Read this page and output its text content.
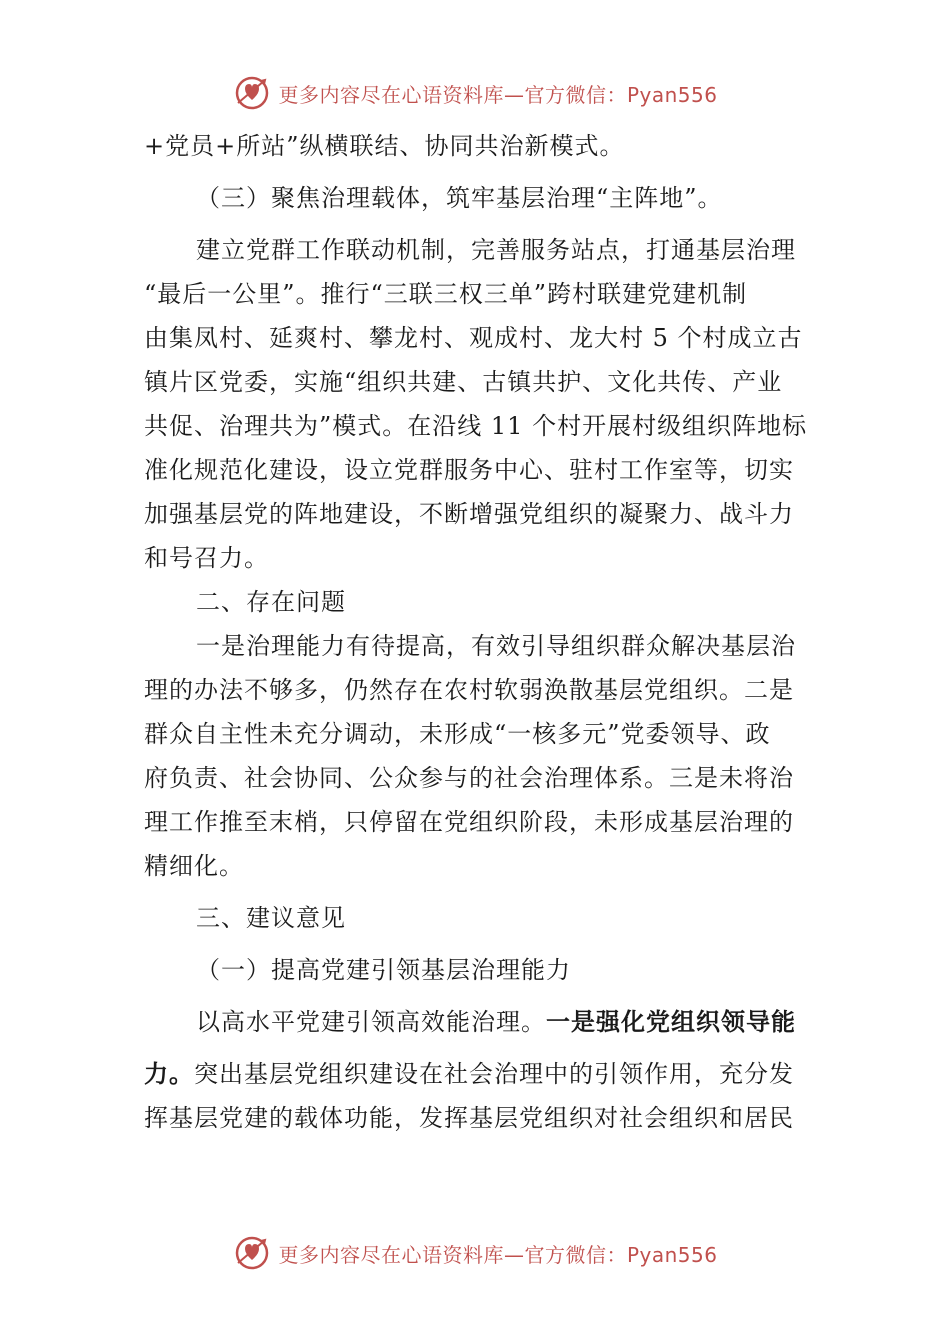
更多内容尽在心语资料库—官方微信：Pyan556
+党员+所站”纵横联结、协同共治新模式。
（三）聚焦治理载体，筑牢基层治理“主阵地”。
建立党群工作联动机制，完善服务站点，打通基层治理
“最后一公里”。推行“三联三权三单”跨村联建党建机制
由集凤村、延爽村、攀龙村、观成村、龙大村 5 个村成立古
镇片区党委，实施“组织共建、古镇共护、文化共传、产业
共促、治理共为”模式。在沿线 11 个村开展村级组织阵地标
准化规范化建设，设立党群服务中心、驻村工作室等，切实
加强基层党的阵地建设，不断增强党组织的凝聚力、战斗力
和号召力。
二、存在问题
一是治理能力有待提高，有效引导组织群众解决基层治
理的办法不够多，仍然存在农村软弱涣散基层党组织。二是
群众自主性未充分调动，未形成“一核多元”党委领导、政
府负责、社会协同、公众参与的社会治理体系。三是未将治
理工作推至末梢，只停留在党组织阶段，未形成基层治理的
精细化。
三、建议意见
（一）提高党建引领基层治理能力
以高水平党建引领高效能治理。一是强化党组织领导能
力。突出基层党组织建设在社会治理中的引领作用，充分发
挥基层党建的载体功能，发挥基层党组织对社会组织和居民
更多内容尽在心语资料库—官方微信：Pyan556
